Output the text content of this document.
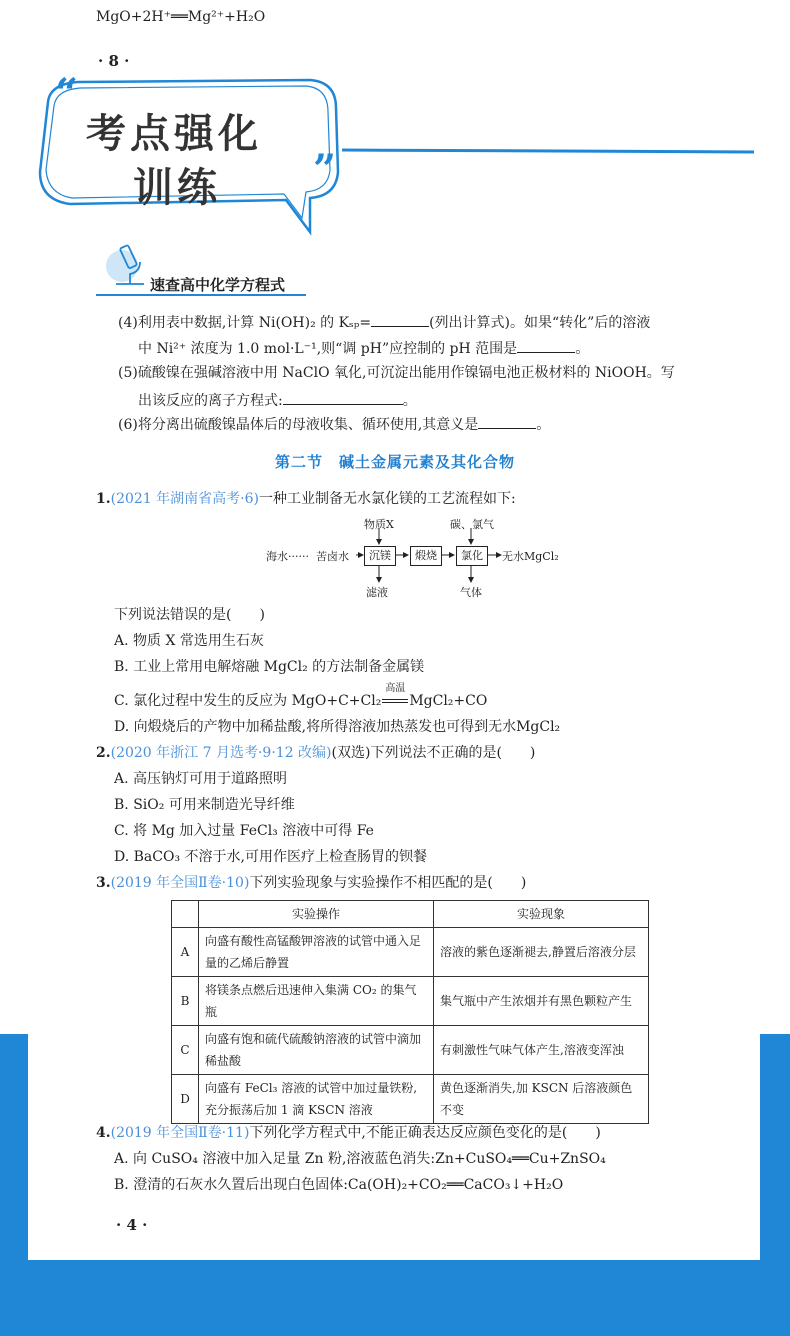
MgO+2H⁺══Mg²⁺+H₂O
· 8 ·
“
”
考点强化
训练
速查高中化学方程式
(4)利用表中数据,计算 Ni(OH)₂ 的 Kₛₚ=	(列出计算式)。如果“转化”后的溶液
中 Ni²⁺ 浓度为 1.0 mol·L⁻¹,则“调 pH”应控制的 pH 范围是	。
(5)硫酸镍在强碱溶液中用 NaClO 氧化,可沉淀出能用作镍镉电池正极材料的 NiOOH。写
出该反应的离子方程式:	。
(6)将分离出硫酸镍晶体后的母液收集、循环使用,其意义是	。
第二节　碱土金属元素及其化合物
1.(2021 年湖南省高考·6)一种工业制备无水氯化镁的工艺流程如下:
物质X	碳、氯气
海水······ 苦卤水	沉镁	煅烧	氯化	无水MgCl₂
滤液	气体
下列说法错误的是(　　)
A. 物质 X 常选用生石灰
B. 工业上常用电解熔融 MgCl₂ 的方法制备金属镁
C. 氯化过程中发生的反应为 MgO+C+Cl₂
高温
MgCl₂+CO
D. 向煅烧后的产物中加稀盐酸,将所得溶液加热蒸发也可得到无水MgCl₂
2.(2020 年浙江 7 月选考·9·12 改编)(双选)下列说法不正确的是(　　)
A. 高压钠灯可用于道路照明
B. SiO₂ 可用来制造光导纤维
C. 将 Mg 加入过量 FeCl₃ 溶液中可得 Fe
D. BaCO₃ 不溶于水,可用作医疗上检查肠胃的钡餐
3.(2019 年全国Ⅱ卷·10)下列实验现象与实验操作不相匹配的是(　　)
	实验操作	实验现象
A	向盛有酸性高锰酸钾溶液的试管中通入足量的乙烯后静置	溶液的紫色逐渐褪去,静置后溶液分层
B	将镁条点燃后迅速伸入集满 CO₂ 的集气瓶	集气瓶中产生浓烟并有黑色颗粒产生
C	向盛有饱和硫代硫酸钠溶液的试管中滴加稀盐酸	有刺激性气味气体产生,溶液变浑浊
D	向盛有 FeCl₃ 溶液的试管中加过量铁粉,充分振荡后加 1 滴 KSCN 溶液	黄色逐渐消失,加 KSCN 后溶液颜色不变
4.(2019 年全国Ⅱ卷·11)下列化学方程式中,不能正确表达反应颜色变化的是(　　)
A. 向 CuSO₄ 溶液中加入足量 Zn 粉,溶液蓝色消失:Zn+CuSO₄══Cu+ZnSO₄
B. 澄清的石灰水久置后出现白色固体:Ca(OH)₂+CO₂══CaCO₃↓+H₂O
· 4 ·
